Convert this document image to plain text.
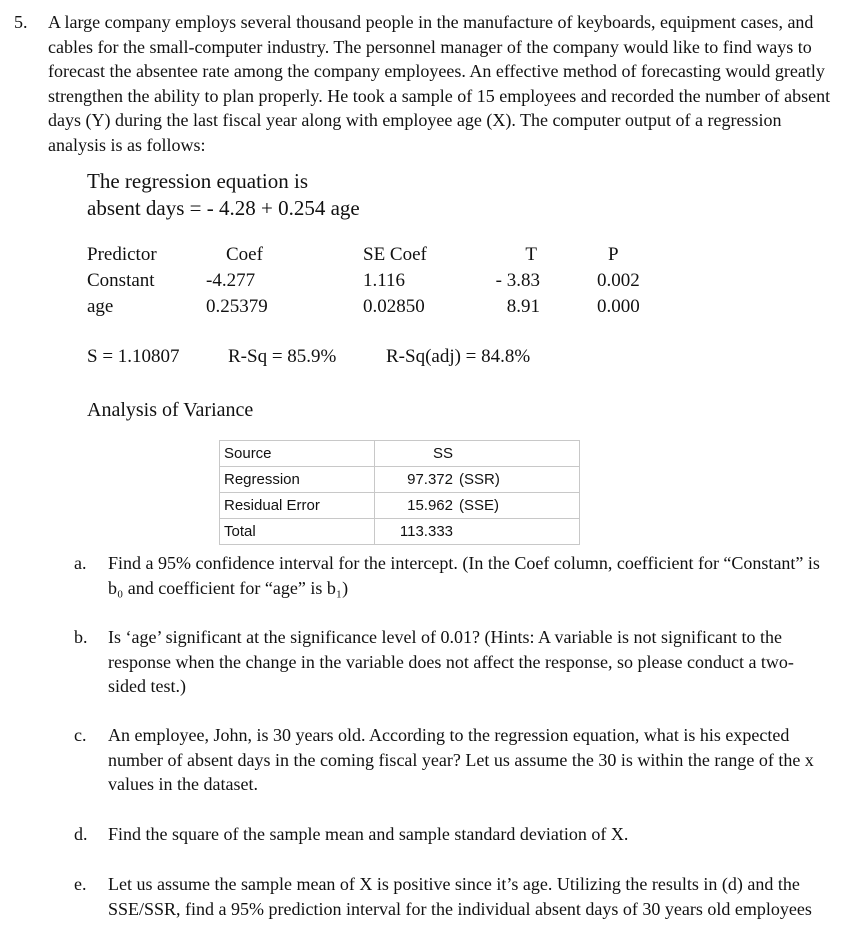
5. A large company employs several thousand people in the manufacture of keyboards, equipment cases, and cables for the small-computer industry. The personnel manager of the company would like to find ways to forecast the absentee rate among the company employees. An effective method of forecasting would greatly strengthen the ability to plan properly. He took a sample of 15 employees and recorded the number of absent days (Y) during the last fiscal year along with employee age (X). The computer output of a regression analysis is as follows:
The regression equation is
absent days = - 4.28 + 0.254 age
Predictor	Coef	SE Coef	T	P
Constant	-4.277	1.116	- 3.83	0.002
age	0.25379	0.02850	8.91	0.000
S = 1.10807	R-Sq = 85.9%	R-Sq(adj) = 84.8%
Analysis of Variance
Source	SS
Regression	97.372 (SSR)
Residual Error	15.962 (SSE)
Total	113.333
a. Find a 95% confidence interval for the intercept. (In the Coef column, coefficient for “Constant” is b₀ and coefficient for “age” is b₁)
b. Is ‘age’ significant at the significance level of 0.01? (Hints: A variable is not significant to the response when the change in the variable does not affect the response, so please conduct a two-sided test.)
c. An employee, John, is 30 years old. According to the regression equation, what is his expected number of absent days in the coming fiscal year? Let us assume the 30 is within the range of the x values in the dataset.
d. Find the square of the sample mean and sample standard deviation of X.
e. Let us assume the sample mean of X is positive since it’s age. Utilizing the results in (d) and the SSE/SSR, find a 95% prediction interval for the individual absent days of 30 years old employees
